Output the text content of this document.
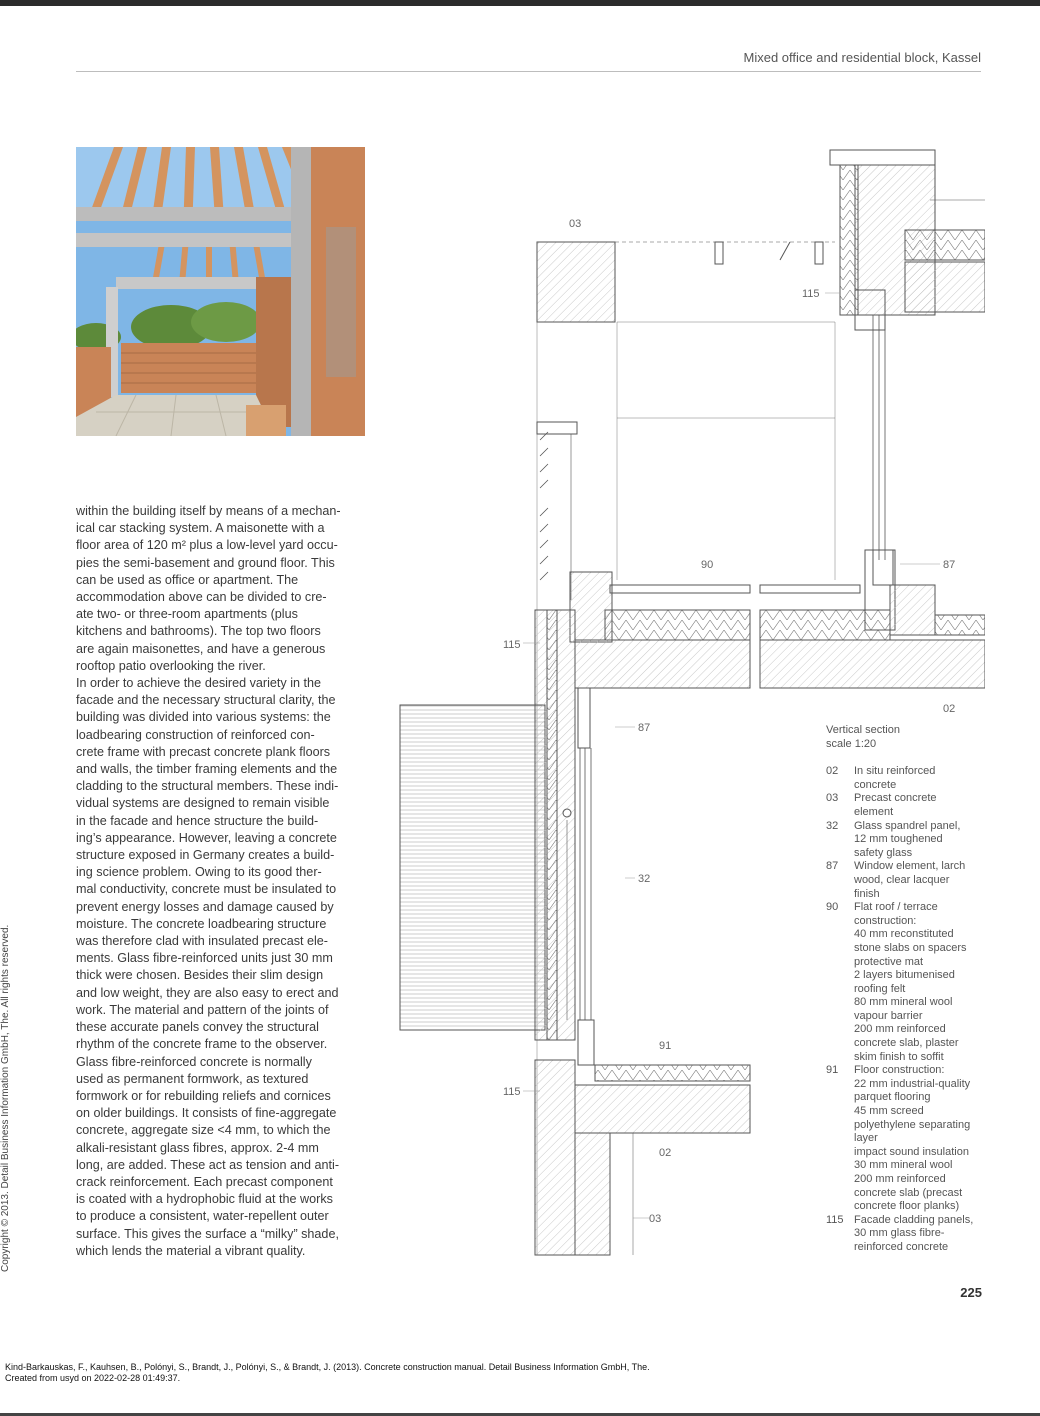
Mixed office and residential block, Kassel

within the building itself by means of a mechan-
ical car stacking system. A maisonette with a
floor area of 120 m² plus a low-level yard occu-
pies the semi-basement and ground floor. This
can be used as office or apartment. The
accommodation above can be divided to cre-
ate two- or three-room apartments (plus
kitchens and bathrooms). The top two floors
are again maisonettes, and have a generous
rooftop patio overlooking the river.

In order to achieve the desired variety in the
facade and the necessary structural clarity, the
building was divided into various systems: the
loadbearing construction of reinforced con-
crete frame with precast concrete plank floors
and walls, the timber framing elements and the
cladding to the structural members. These indi-
vidual systems are designed to remain visible
in the facade and hence structure the build-
ing’s appearance. However, leaving a concrete
structure exposed in Germany creates a build-
ing science problem. Owing to its good ther-
mal conductivity, concrete must be insulated to
prevent energy losses and damage caused by
moisture. The concrete loadbearing structure
was therefore clad with insulated precast ele-
ments. Glass fibre-reinforced units just 30 mm
thick were chosen. Besides their slim design
and low weight, they are also easy to erect and
work. The material and pattern of the joints of
these accurate panels convey the structural
rhythm of the concrete frame to the observer.
Glass fibre-reinforced concrete is normally
used as permanent formwork, as textured
formwork or for rebuilding reliefs and cornices
on older buildings. It consists of fine-aggregate
concrete, aggregate size <4 mm, to which the
alkali-resistant glass fibres, approx. 2-4 mm
long, are added. These act as tension and anti-
crack reinforcement. Each precast component
is coated with a hydrophobic fluid at the works
to produce a consistent, water-repellent outer
surface. This gives the surface a “milky” shade,
which lends the material a vibrant quality.

03
115
90	87
115
87
02
32
91
115
02
03
Vertical section
scale 1:20
02	In situ reinforced
concrete
03	Precast concrete
element
32	Glass spandrel panel,
12 mm toughened
safety glass
87	Window element, larch
wood, clear lacquer
finish
90	Flat roof / terrace
construction:
40 mm reconstituted
stone slabs on spacers
protective mat
2 layers bitumenised
roofing felt
80 mm mineral wool
vapour barrier
200 mm reinforced
concrete slab, plaster
skim finish to soffit
91	Floor construction:
22 mm industrial-quality
parquet flooring
45 mm screed
polyethylene separating
layer
impact sound insulation
30 mm mineral wool
200 mm reinforced
concrete slab (precast
concrete floor planks)
115 Facade cladding panels,
30 mm glass fibre-
reinforced concrete
225
Copyright © 2013. Detail Business Information GmbH, The. All rights reserved.
Kind-Barkauskas, F., Kauhsen, B., Polónyi, S., Brandt, J., Polónyi, S., & Brandt, J. (2013). Concrete construction manual. Detail Business Information GmbH, The.
Created from usyd on 2022-02-28 01:49:37.
